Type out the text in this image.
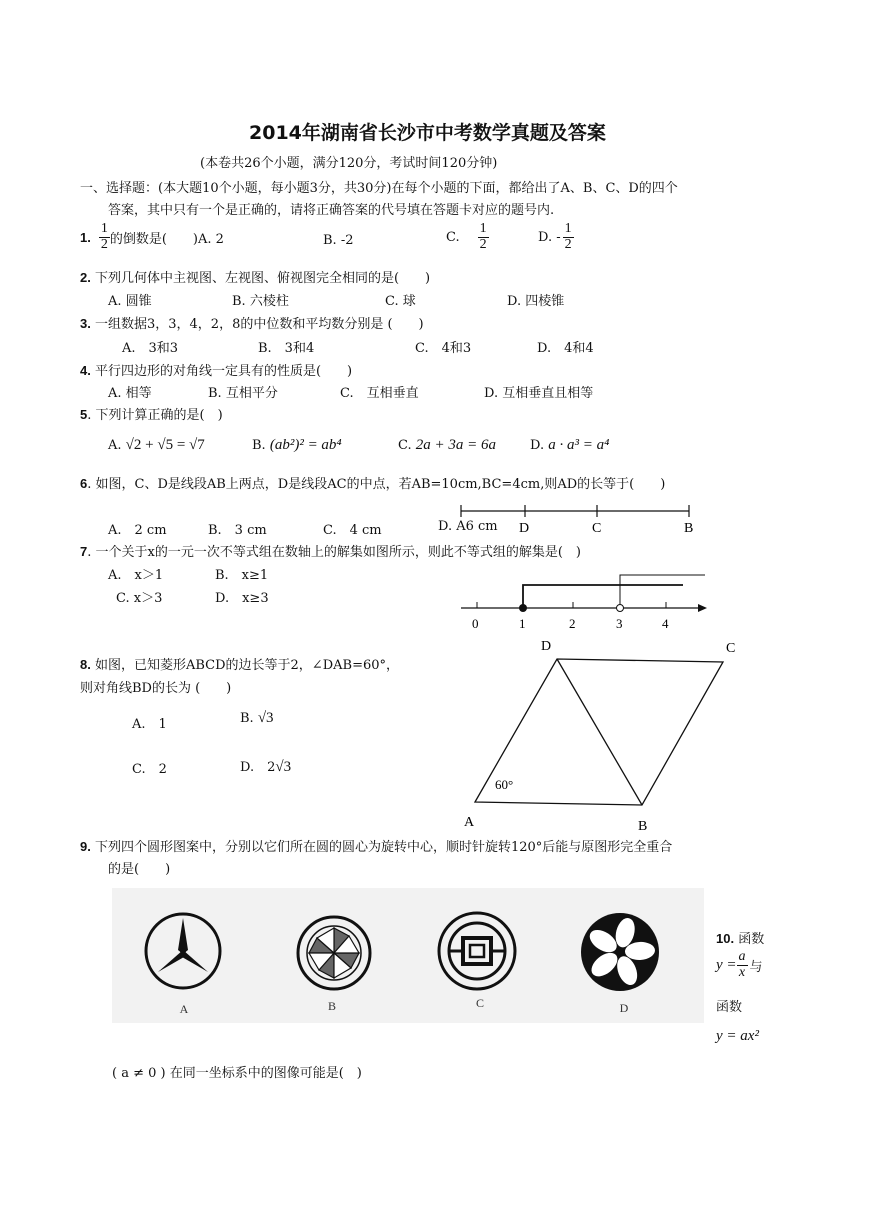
2014年湖南省长沙市中考数学真题及答案
(本卷共26个小题，满分120分，考试时间120分钟)
一、选择题：(本大题10个小题，每小题3分，共30分)在每个小题的下面，都给出了A、B、C、D的四个
答案，其中只有一个是正确的，请将正确答案的代号填在答题卡对应的题号内.
1. $\frac{1}{2}$ 的倒数是(　　)A. 2	B. -2	C. $\frac{1}{2}$	D. - $\frac{1}{2}$
2. 下列几何体中主视图、左视图、俯视图完全相同的是(　　)
A. 圆锥	B. 六棱柱	C. 球	D. 四棱锥
3. 一组数据3，3，4，2，8的中位数和平均数分别是 (　　)
A.　3和3	B.　3和4	C.　4和3	D.　4和4
4. 平行四边形的对角线一定具有的性质是(　　)
A. 相等	B. 互相平分	C.　互相垂直	D. 互相垂直且相等
5. 下列计算正确的是(　)
A. √2 + √5 = √7	B. (ab²)² = ab⁴	C. 2a + 3a = 6a	D. a · a³ = a⁴
6. 如图，C、D是线段AB上两点，D是线段AC的中点，若AB=10cm,BC=4cm,则AD的长等于(　　)
D	C	B
A.　2 cm	B.　3 cm	C.　4 cm	D. A6 cm
7. 一个关于x的一元一次不等式组在数轴上的解集如图所示，则此不等式组的解集是(　)
A.　x＞1	B.　x≥1
C. x＞3	D.　x≥3
0	1	2	3	4
8. 如图，已知菱形ABCD的边长等于2，∠DAB=60°，
则对角线BD的长为 (　　)
A.　1	B. √3
C.　2	D.　2√3
D	C
A	B
60°
9. 下列四个圆形图案中，分别以它们所在圆的圆心为旋转中心，顺时针旋转120°后能与原图形完全重合
的是(　　)
A	B	C	D
10. 函数
$y = \frac{a}{x}$ 与
函数
y = ax²
( a ≠ 0 ) 在同一坐标系中的图像可能是(　)
